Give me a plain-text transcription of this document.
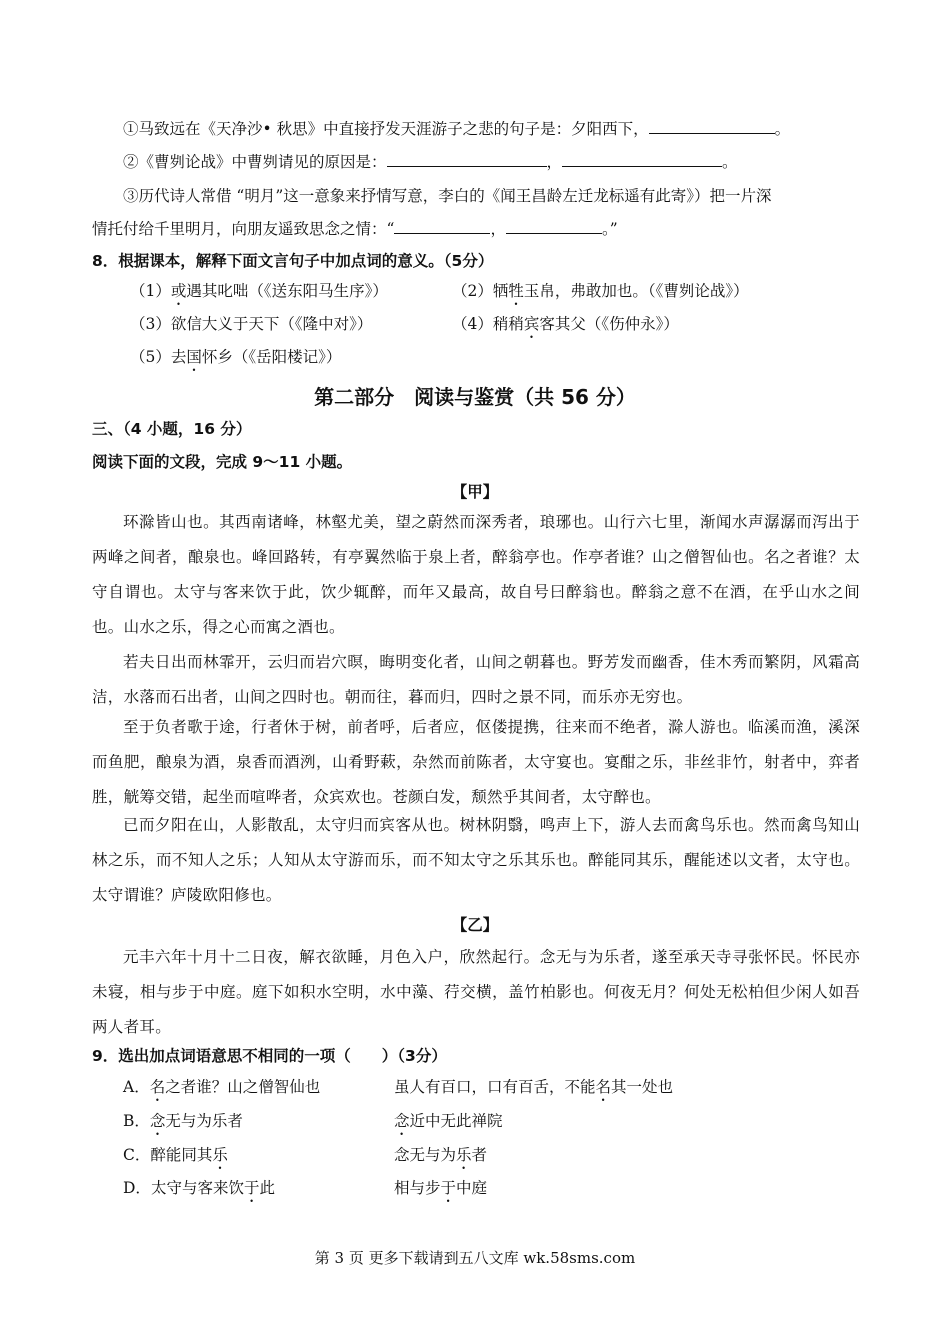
①马致远在《天净沙• 秋思》中直接抒发天涯游子之悲的句子是：夕阳西下，	。
②《曹刿论战》中曹刿请见的原因是：	，	。
③历代诗人常借 “明月”这一意象来抒情写意，李白的《闻王昌龄左迁龙标遥有此寄》）把一片深
情托付给千里明月，向朋友遥致思念之情：“	，	。”
8．根据课本，解释下面文言句子中加点词的意义。（5分）
（1）或遇其叱咄（《送东阳马生序》）	（2）牺牲玉帛，弗敢加也。（《曹刿论战》）
（3）欲信大义于天下（《隆中对》）	（4）稍稍宾客其父（《伤仲永》）
（5）去国怀乡（《岳阳楼记》）
第二部分　阅读与鉴赏（共 56 分）
三、（4 小题，16 分）
阅读下面的文段，完成 9～11 小题。
【甲】
环滁皆山也。其西南诸峰，林壑尤美，望之蔚然而深秀者，琅琊也。山行六七里，渐闻水声潺潺而泻出于两峰之间者，酿泉也。峰回路转，有亭翼然临于泉上者，醉翁亭也。作亭者谁？山之僧智仙也。名之者谁？太守自谓也。太守与客来饮于此，饮少辄醉，而年又最高，故自号曰醉翁也。醉翁之意不在酒，在乎山水之间也。山水之乐，得之心而寓之酒也。
若夫日出而林霏开，云归而岩穴暝，晦明变化者，山间之朝暮也。野芳发而幽香，佳木秀而繁阴，风霜高洁，水落而石出者，山间之四时也。朝而往，暮而归，四时之景不同，而乐亦无穷也。
至于负者歌于途，行者休于树，前者呼，后者应，伛偻提携，往来而不绝者，滁人游也。临溪而渔，溪深而鱼肥，酿泉为酒，泉香而酒洌，山肴野蔌，杂然而前陈者，太守宴也。宴酣之乐，非丝非竹，射者中，弈者胜，觥筹交错，起坐而喧哗者，众宾欢也。苍颜白发，颓然乎其间者，太守醉也。
已而夕阳在山，人影散乱，太守归而宾客从也。树林阴翳，鸣声上下，游人去而禽鸟乐也。然而禽鸟知山林之乐，而不知人之乐；人知从太守游而乐，而不知太守之乐其乐也。醉能同其乐，醒能述以文者，太守也。太守谓谁？庐陵欧阳修也。
【乙】
元丰六年十月十二日夜，解衣欲睡，月色入户，欣然起行。念无与为乐者，遂至承天寺寻张怀民。怀民亦未寝，相与步于中庭。庭下如积水空明，水中藻、荇交横，盖竹柏影也。何夜无月？何处无松柏但少闲人如吾两人者耳。
9．选出加点词语意思不相同的一项（　　）（3分）
A．名之者谁？山之僧智仙也	虽人有百口，口有百舌，不能名其一处也
B．念无与为乐者	念近中无此禅院
C．醉能同其乐	念无与为乐者
D．太守与客来饮于此	相与步于中庭
第 3 页 更多下载请到五八文库 wk.58sms.com
